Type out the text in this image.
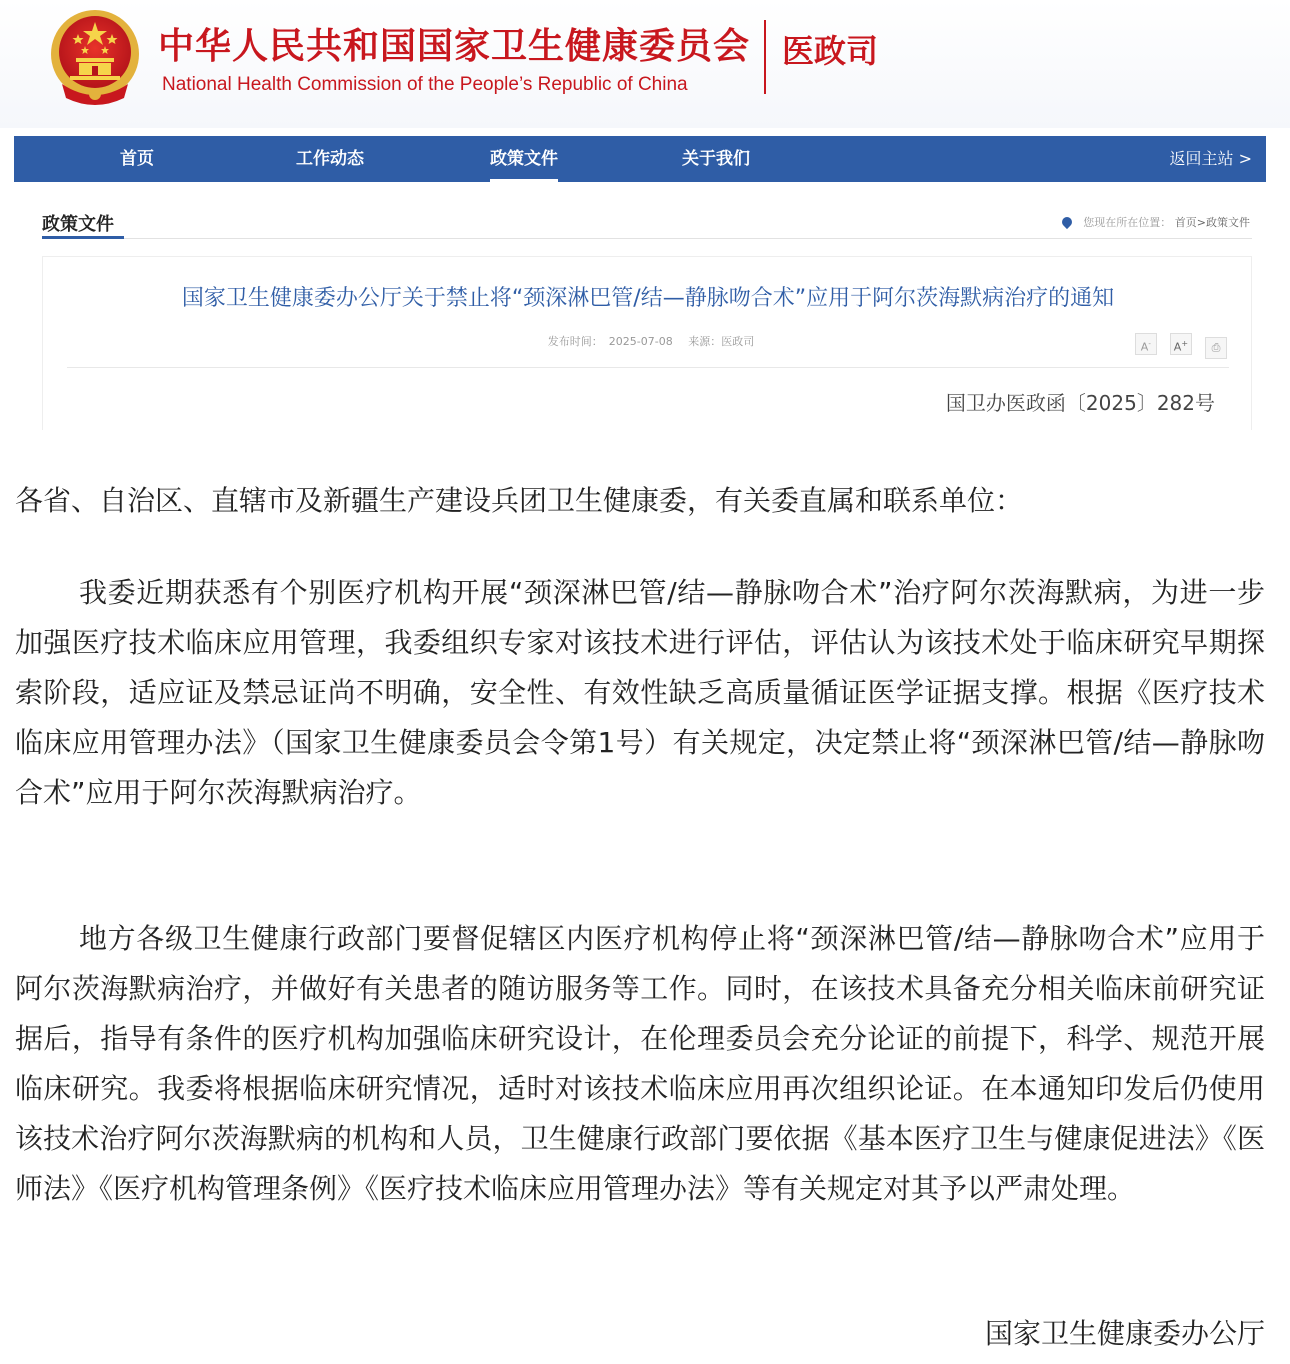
中华人民共和国国家卫生健康委员会
National Health Commission of the People’s Republic of China
医政司
首页	工作动态	政策文件	关于我们	返回主站 >
政策文件	您现在所在位置： 首页>政策文件
国家卫生健康委办公厅关于禁止将“颈深淋巴管/结—静脉吻合术”应用于阿尔茨海默病治疗的通知
发布时间： 2025-07-08 来源：医政司	A- A+ ⎙
国卫办医政函〔2025〕282号
各省、自治区、直辖市及新疆生产建设兵团卫生健康委，有关委直属和联系单位：
我委近期获悉有个别医疗机构开展“颈深淋巴管/结—静脉吻合术”治疗阿尔茨海默病，为进一步加强医疗技术临床应用管理，我委组织专家对该技术进行评估，评估认为该技术处于临床研究早期探索阶段，适应证及禁忌证尚不明确，安全性、有效性缺乏高质量循证医学证据支撑。根据《医疗技术临床应用管理办法》（国家卫生健康委员会令第1号）有关规定，决定禁止将“颈深淋巴管/结—静脉吻合术”应用于阿尔茨海默病治疗。
地方各级卫生健康行政部门要督促辖区内医疗机构停止将“颈深淋巴管/结—静脉吻合术”应用于阿尔茨海默病治疗，并做好有关患者的随访服务等工作。同时，在该技术具备充分相关临床前研究证据后，指导有条件的医疗机构加强临床研究设计，在伦理委员会充分论证的前提下，科学、规范开展临床研究。我委将根据临床研究情况，适时对该技术临床应用再次组织论证。在本通知印发后仍使用该技术治疗阿尔茨海默病的机构和人员，卫生健康行政部门要依据《基本医疗卫生与健康促进法》《医师法》《医疗机构管理条例》《医疗技术临床应用管理办法》等有关规定对其予以严肃处理。
国家卫生健康委办公厅
